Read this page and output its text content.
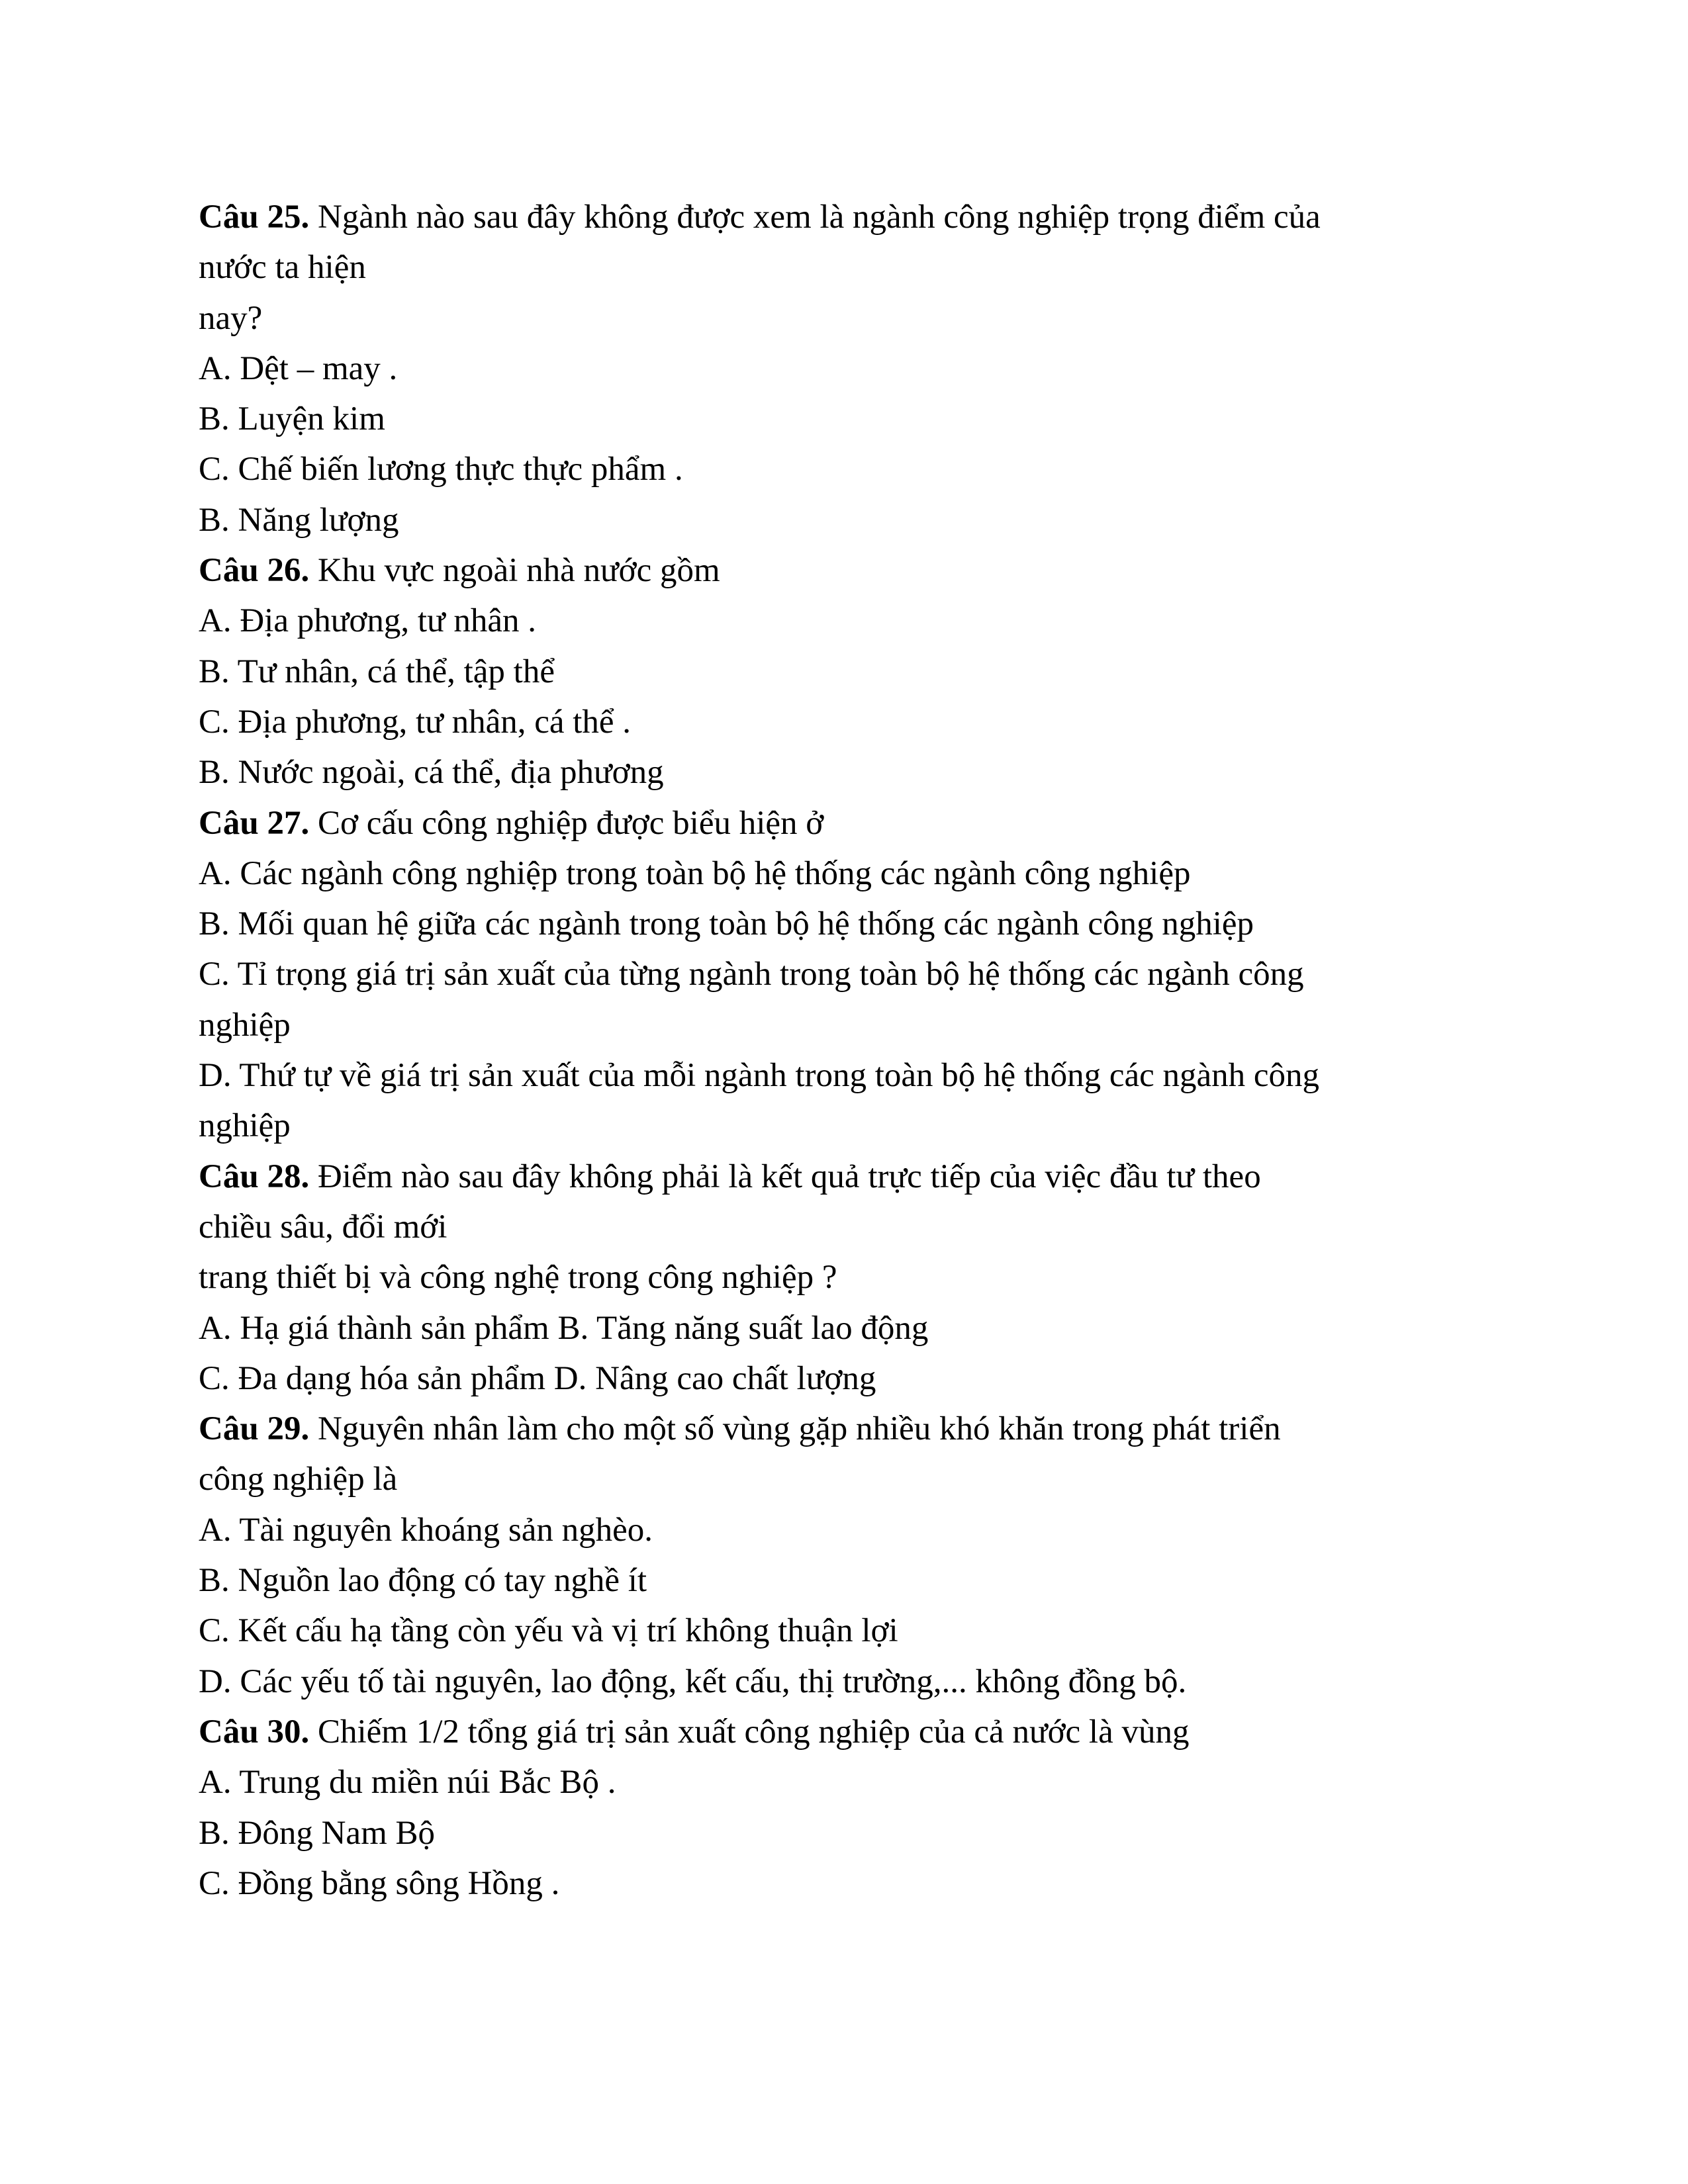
Câu 25. Ngành nào sau đây không được xem là ngành công nghiệp trọng điểm của

nước ta hiện

nay?

A. Dệt – may .

B. Luyện kim

C. Chế biến lương thực thực phẩm .

B. Năng lượng

Câu 26. Khu vực ngoài nhà nước gồm

A. Địa phương, tư nhân .

B. Tư nhân, cá thể, tập thể

C. Địa phương, tư nhân, cá thể .

B. Nước ngoài, cá thể, địa phương

Câu 27. Cơ cấu công nghiệp được biểu hiện ở

A. Các ngành công nghiệp trong toàn bộ hệ thống các ngành công nghiệp

B. Mối quan hệ giữa các ngành trong toàn bộ hệ thống các ngành công nghiệp

C. Tỉ trọng giá trị sản xuất của từng ngành trong toàn bộ hệ thống các ngành công

nghiệp

D. Thứ tự về giá trị sản xuất của mỗi ngành trong toàn bộ hệ thống các ngành công

nghiệp

Câu 28. Điểm nào sau đây không phải là kết quả trực tiếp của việc đầu tư theo

chiều sâu, đổi mới

trang thiết bị và công nghệ trong công nghiệp ?

A. Hạ giá thành sản phẩm B. Tăng năng suất lao động

C. Đa dạng hóa sản phẩm D. Nâng cao chất lượng

Câu 29. Nguyên nhân làm cho một số vùng gặp nhiều khó khăn trong phát triển

công nghiệp là

A. Tài nguyên khoáng sản nghèo.

B. Nguồn lao động có tay nghề ít

C. Kết cấu hạ tầng còn yếu và vị trí không thuận lợi

D. Các yếu tố tài nguyên, lao động, kết cấu, thị trường,... không đồng bộ.

Câu 30. Chiếm 1/2 tổng giá trị sản xuất công nghiệp của cả nước là vùng

A. Trung du miền núi Bắc Bộ .

B. Đông Nam Bộ

C. Đồng bằng sông Hồng .
